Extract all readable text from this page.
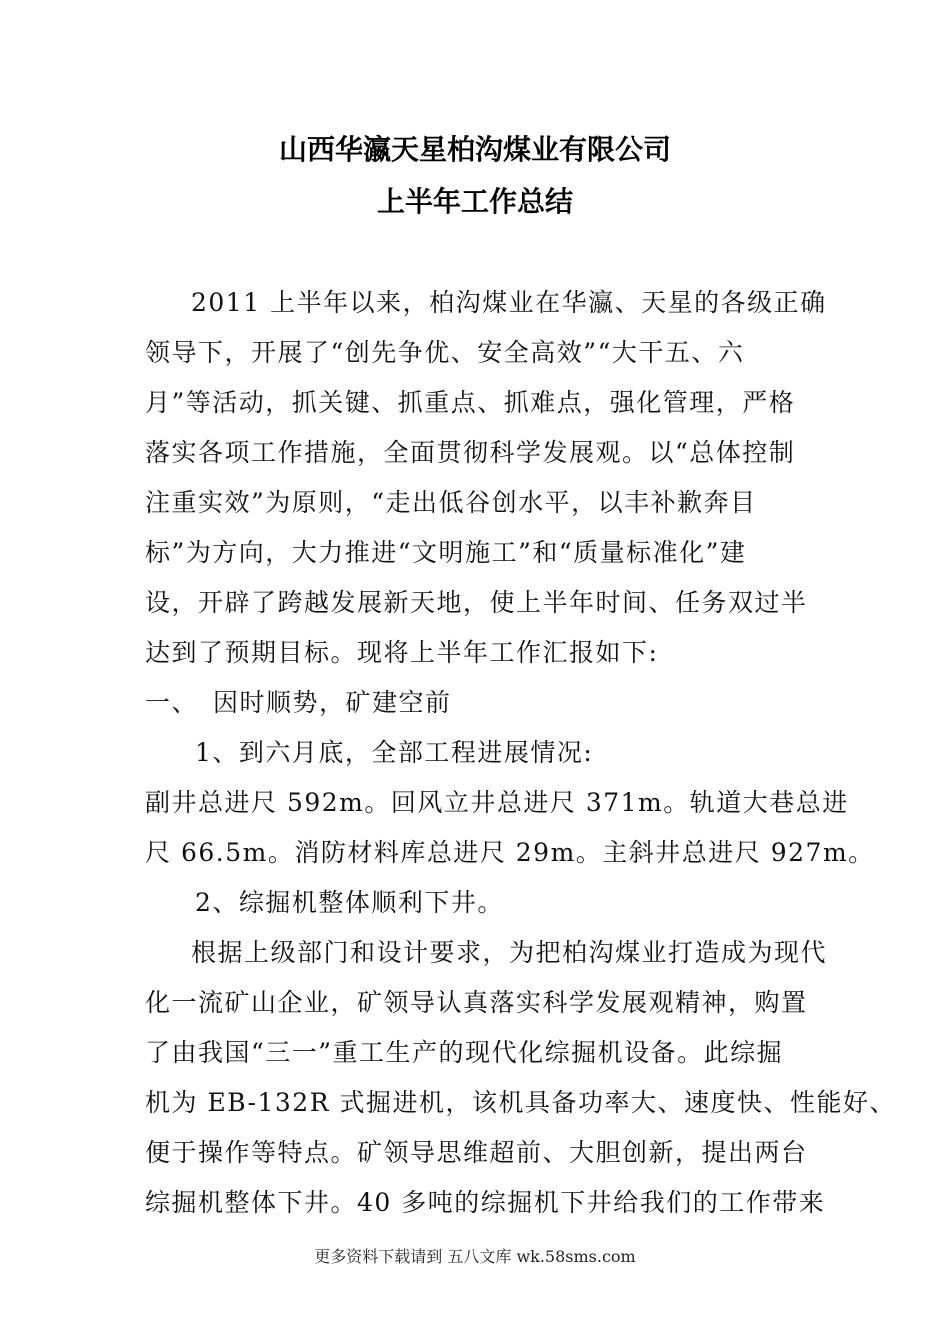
山西华瀛天星柏沟煤业有限公司
上半年工作总结
2011 上半年以来，柏沟煤业在华瀛、天星的各级正确
领导下，开展了“创先争优、安全高效”“大干五、六
月”等活动，抓关键、抓重点、抓难点，强化管理，严格
落实各项工作措施，全面贯彻科学发展观。以“总体控制
注重实效”为原则，“走出低谷创水平，以丰补歉奔目
标”为方向，大力推进“文明施工”和“质量标准化”建
设，开辟了跨越发展新天地，使上半年时间、任务双过半
达到了预期目标。现将上半年工作汇报如下:
一、 因时顺势，矿建空前
1、到六月底，全部工程进展情况:
副井总进尺 592m。回风立井总进尺 371m。轨道大巷总进
尺 66.5m。消防材料库总进尺 29m。主斜井总进尺 927m。
2、综掘机整体顺利下井。
根据上级部门和设计要求，为把柏沟煤业打造成为现代
化一流矿山企业，矿领导认真落实科学发展观精神，购置
了由我国“三一”重工生产的现代化综掘机设备。此综掘
机为 EB-132R 式掘进机，该机具备功率大、速度快、性能好、
便于操作等特点。矿领导思维超前、大胆创新，提出两台
综掘机整体下井。40 多吨的综掘机下井给我们的工作带来
更多资料下载请到 五八文库 wk.58sms.com
